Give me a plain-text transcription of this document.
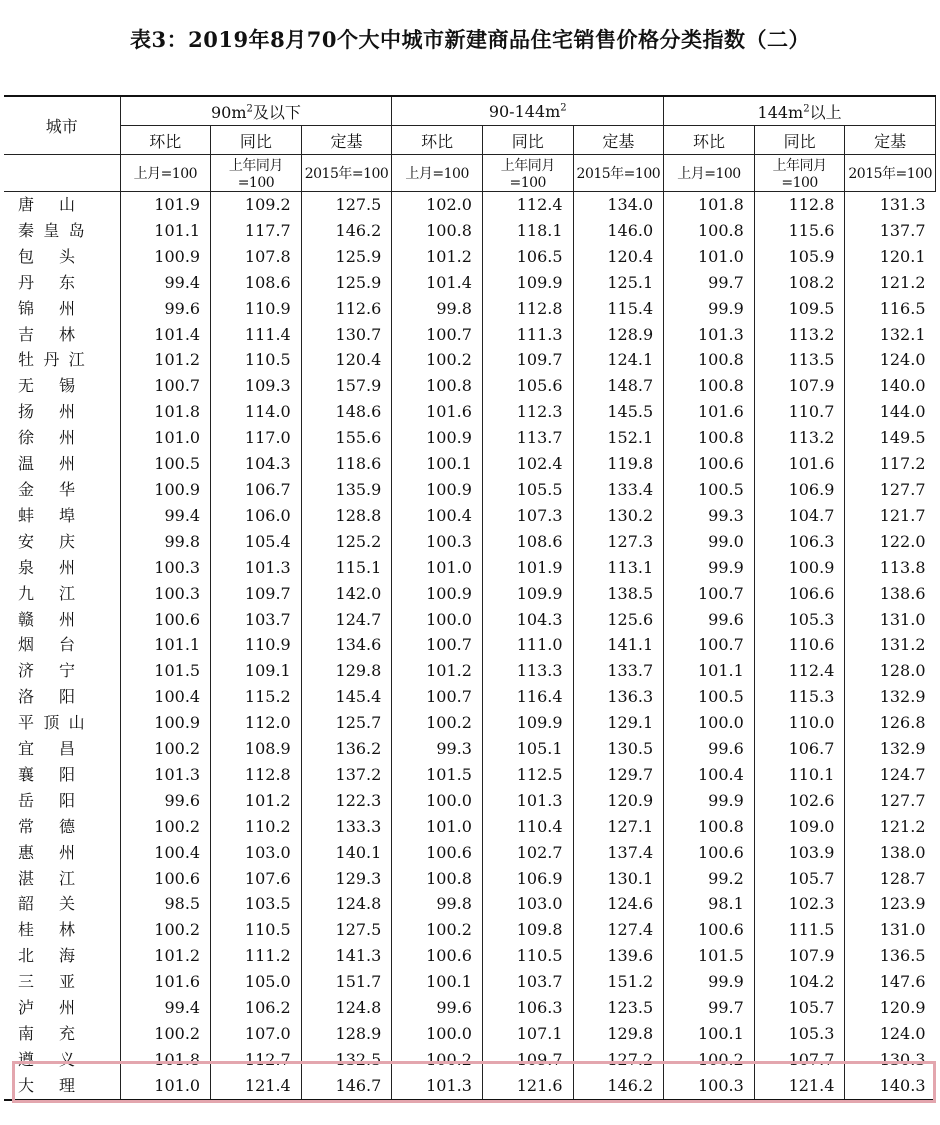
表3：2019年8月70个大中城市新建商品住宅销售价格分类指数（二）
城市	$90m^2$及以下			$90-144m^2$			$144m^2$以上		
	环比	同比	定基	环比	同比	定基	环比	同比	定基
	上月=100	上年同月=100	2015年=100	上月=100	上年同月=100	2015年=100	上月=100	上年同月=100	2015年=100

唐 山	101.9	109.2	127.5	102.0	112.4	134.0	101.8	112.8	131.3

秦 皇 岛	101.1	117.7	146.2	100.8	118.1	146.0	100.8	115.6	137.7

包 头	100.9	107.8	125.9	101.2	106.5	120.4	101.0	105.9	120.1

丹 东	99.4	108.6	125.9	101.4	109.9	125.1	99.7	108.2	121.2

锦 州	99.6	110.9	112.6	99.8	112.8	115.4	99.9	109.5	116.5

吉 林	101.4	111.4	130.7	100.7	111.3	128.9	101.3	113.2	132.1

牡 丹 江	101.2	110.5	120.4	100.2	109.7	124.1	100.8	113.5	124.0

无 锡	100.7	109.3	157.9	100.8	105.6	148.7	100.8	107.9	140.0

扬 州	101.8	114.0	148.6	101.6	112.3	145.5	101.6	110.7	144.0

徐 州	101.0	117.0	155.6	100.9	113.7	152.1	100.8	113.2	149.5

温 州	100.5	104.3	118.6	100.1	102.4	119.8	100.6	101.6	117.2

金 华	100.9	106.7	135.9	100.9	105.5	133.4	100.5	106.9	127.7

蚌 埠	99.4	106.0	128.8	100.4	107.3	130.2	99.3	104.7	121.7

安 庆	99.8	105.4	125.2	100.3	108.6	127.3	99.0	106.3	122.0

泉 州	100.3	101.3	115.1	101.0	101.9	113.1	99.9	100.9	113.8

九 江	100.3	109.7	142.0	100.9	109.9	138.5	100.7	106.6	138.6

赣 州	100.6	103.7	124.7	100.0	104.3	125.6	99.6	105.3	131.0

烟 台	101.1	110.9	134.6	100.7	111.0	141.1	100.7	110.6	131.2

济 宁	101.5	109.1	129.8	101.2	113.3	133.7	101.1	112.4	128.0

洛 阳	100.4	115.2	145.4	100.7	116.4	136.3	100.5	115.3	132.9

平 顶 山	100.9	112.0	125.7	100.2	109.9	129.1	100.0	110.0	126.8

宜 昌	100.2	108.9	136.2	99.3	105.1	130.5	99.6	106.7	132.9

襄 阳	101.3	112.8	137.2	101.5	112.5	129.7	100.4	110.1	124.7

岳 阳	99.6	101.2	122.3	100.0	101.3	120.9	99.9	102.6	127.7

常 德	100.2	110.2	133.3	101.0	110.4	127.1	100.8	109.0	121.2

惠 州	100.4	103.0	140.1	100.6	102.7	137.4	100.6	103.9	138.0

湛 江	100.6	107.6	129.3	100.8	106.9	130.1	99.2	105.7	128.7

韶 关	98.5	103.5	124.8	99.8	103.0	124.6	98.1	102.3	123.9

桂 林	100.2	110.5	127.5	100.2	109.8	127.4	100.6	111.5	131.0

北 海	101.2	111.2	141.3	100.6	110.5	139.6	101.5	107.9	136.5

三 亚	101.6	105.0	151.7	100.1	103.7	151.2	99.9	104.2	147.6

泸 州	99.4	106.2	124.8	99.6	106.3	123.5	99.7	105.7	120.9

南 充	100.2	107.0	128.9	100.0	107.1	129.8	100.1	105.3	124.0

遵 义	101.8	112.7	132.5	100.2	109.7	127.2	100.2	107.7	130.3

大 理	101.0	121.4	146.7	101.3	121.6	146.2	100.3	121.4	140.3
